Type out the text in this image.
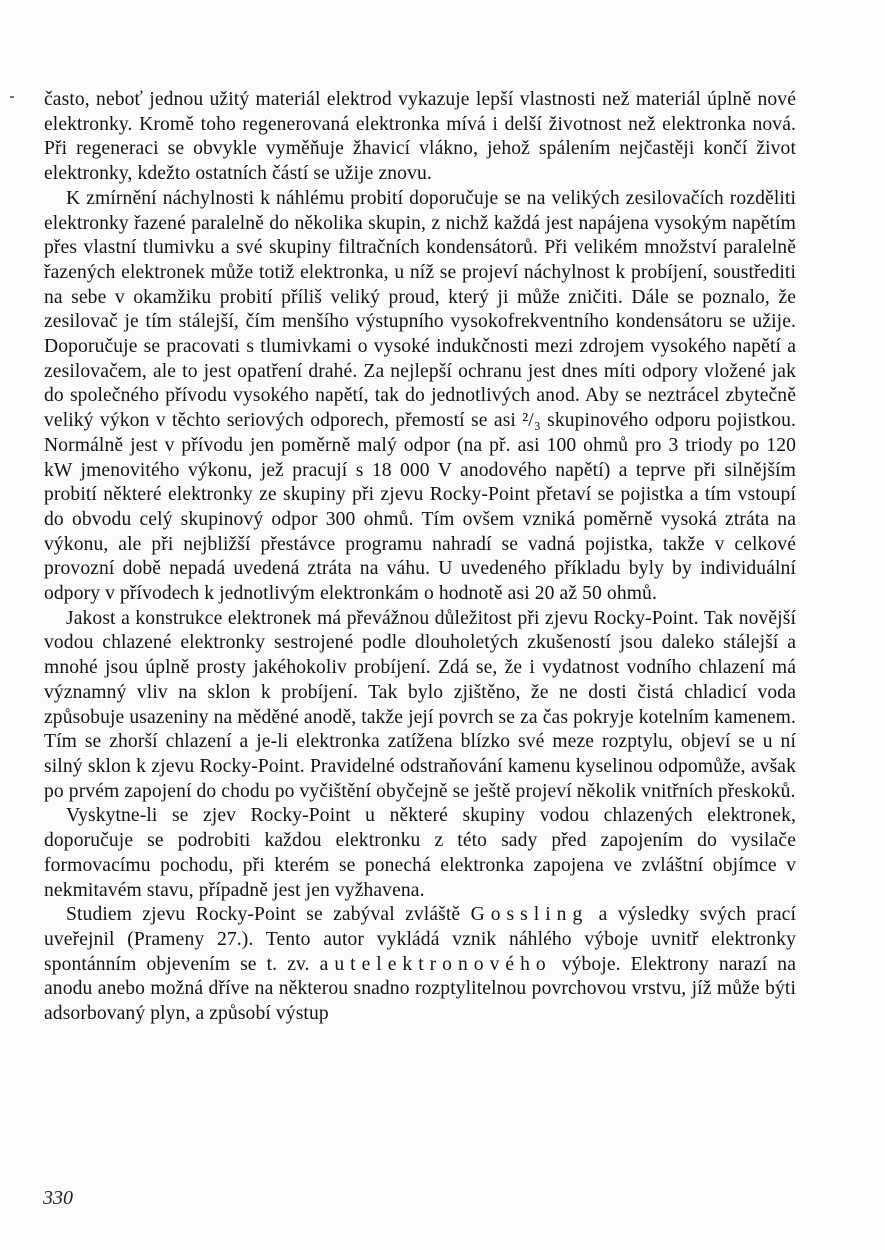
často, neboť jednou užitý materiál elektrod vykazuje lepší vlastnosti než materiál úplně nové elektronky. Kromě toho regenerovaná elektronka mívá i delší životnost než elektronka nová. Při regeneraci se obvykle vyměňuje žhavicí vlákno, jehož spálením nejčastěji končí život elektronky, kdežto ostatních částí se užije znovu.

K zmírnění náchylnosti k náhlému probití doporučuje se na velikých zesilovačích rozděliti elektronky řazené paralelně do několika skupin, z nichž každá jest napájena vysokým napětím přes vlastní tlumivku a své skupiny filtračních kondensátorů. Při velikém množství paralelně řazených elektronek může totiž elektronka, u níž se projeví náchylnost k probíjení, soustřediti na sebe v okamžiku probití příliš veliký proud, který ji může zničiti. Dále se poznalo, že zesilovač je tím stálejší, čím menšího výstupního vysokofrekventního kondensátoru se užije. Doporučuje se pracovati s tlumivkami o vysoké indukčnosti mezi zdrojem vysokého napětí a zesilovačem, ale to jest opatření drahé. Za nejlepší ochranu jest dnes míti odpory vložené jak do společného přívodu vysokého napětí, tak do jednotlivých anod. Aby se neztrácel zbytečně veliký výkon v těchto seriových odporech, přemostí se asi ²/₃ skupinového odporu pojistkou. Normálně jest v přívodu jen poměrně malý odpor (na př. asi 100 ohmů pro 3 triody po 120 kW jmenovitého výkonu, jež pracují s 18 000 V anodového napětí) a teprve při silnějším probití některé elektronky ze skupiny při zjevu Rocky-Point přetaví se pojistka a tím vstoupí do obvodu celý skupinový odpor 300 ohmů. Tím ovšem vzniká poměrně vysoká ztráta na výkonu, ale při nejbližší přestávce programu nahradí se vadná pojistka, takže v celkové provozní době nepadá uvedená ztráta na váhu. U uvedeného příkladu byly by individuální odpory v přívodech k jednotlivým elektronkám o hodnotě asi 20 až 50 ohmů.

Jakost a konstrukce elektronek má převážnou důležitost při zjevu Rocky-Point. Tak novější vodou chlazené elektronky sestrojené podle dlouholetých zkušeností jsou daleko stálejší a mnohé jsou úplně prosty jakéhokoliv probíjení. Zdá se, že i vydatnost vodního chlazení má významný vliv na sklon k probíjení. Tak bylo zjištěno, že ne dosti čistá chladicí voda způsobuje usazeniny na měděné anodě, takže její povrch se za čas pokryje kotelním kamenem. Tím se zhorší chlazení a je-li elektronka zatížena blízko své meze rozptylu, objeví se u ní silný sklon k zjevu Rocky-Point. Pravidelné odstraňování kamenu kyselinou odpomůže, avšak po prvém zapojení do chodu po vyčištění obyčejně se ještě projeví několik vnitřních přeskoků.

Vyskytne-li se zjev Rocky-Point u některé skupiny vodou chlazených elektronek, doporučuje se podrobiti každou elektronku z této sady před zapojením do vysilače formovacímu pochodu, při kterém se ponechá elektronka zapojena ve zvláštní objímce v nekmitavém stavu, případně jest jen vyžhavena.

Studiem zjevu Rocky-Point se zabýval zvláště Gossling a výsledky svých prací uveřejnil (Prameny 27.). Tento autor vykládá vznik náhlého výboje uvnitř elektronky spontánním objevením se t. zv. autelektronového výboje. Elektrony narazí na anodu anebo možná dříve na některou snadno rozptylitelnou povrchovou vrstvu, jíž může býti adsorbovaný plyn, a způsobí výstup

330
